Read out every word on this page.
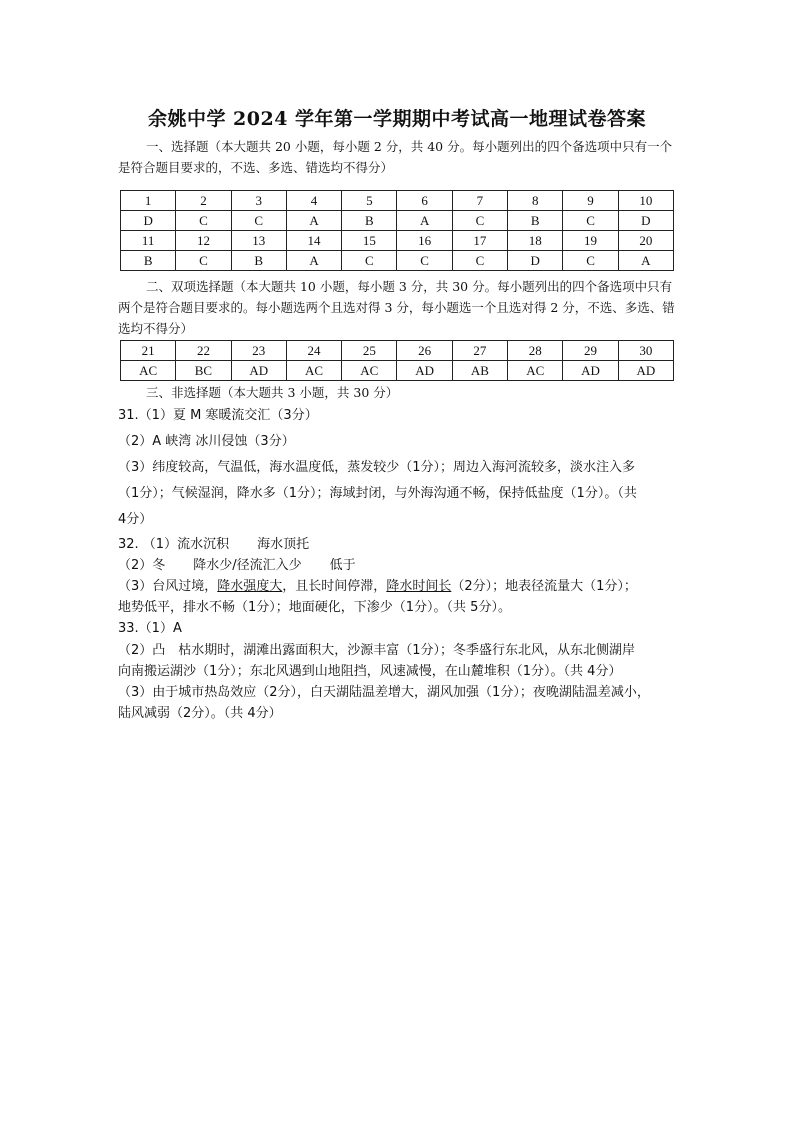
余姚中学 2024 学年第一学期期中考试高一地理试卷答案
一、选择题（本大题共 20 小题，每小题 2 分，共 40 分。每小题列出的四个备选项中只有一个是符合题目要求的，不选、多选、错选均不得分）
1	2	3	4	5	6	7	8	9	10
D	C	C	A	B	A	C	B	C	D
11	12	13	14	15	16	17	18	19	20
B	C	B	A	C	C	C	D	C	A
二、双项选择题（本大题共 10 小题，每小题 3 分，共 30 分。每小题列出的四个备选项中只有两个是符合题目要求的。每小题选两个且选对得 3 分，每小题选一个且选对得 2 分，不选、多选、错选均不得分）
21	22	23	24	25	26	27	28	29	30
AC	BC	AD	AC	AC	AD	AB	AC	AD	AD
三、非选择题（本大题共 3 小题，共 30 分）
31.（1）夏 M 寒暖流交汇（3分）
（2）A 峡湾 冰川侵蚀（3分）
（3）纬度较高，气温低，海水温度低，蒸发较少（1分）；周边入海河流较多，淡水注入多
（1分）；气候湿润，降水多（1分）；海域封闭，与外海沟通不畅，保持低盐度（1分）。（共
4分）
32. （1）流水沉积 海水顶托
（2）冬 降水少/径流汇入少 低于
（3）台风过境，降水强度大，且长时间停滞，降水时间长（2分）；地表径流量大（1分）；
地势低平，排水不畅（1分）；地面硬化，下渗少（1分）。（共 5分）。
33.（1）A
（2）凸　枯水期时，湖滩出露面积大，沙源丰富（1分）；冬季盛行东北风，从东北侧湖岸
向南搬运湖沙（1分）；东北风遇到山地阻挡，风速减慢，在山麓堆积（1分）。（共 4分）
（3）由于城市热岛效应（2分），白天湖陆温差增大，湖风加强（1分）；夜晚湖陆温差减小，
陆风减弱（2分）。（共 4分）
